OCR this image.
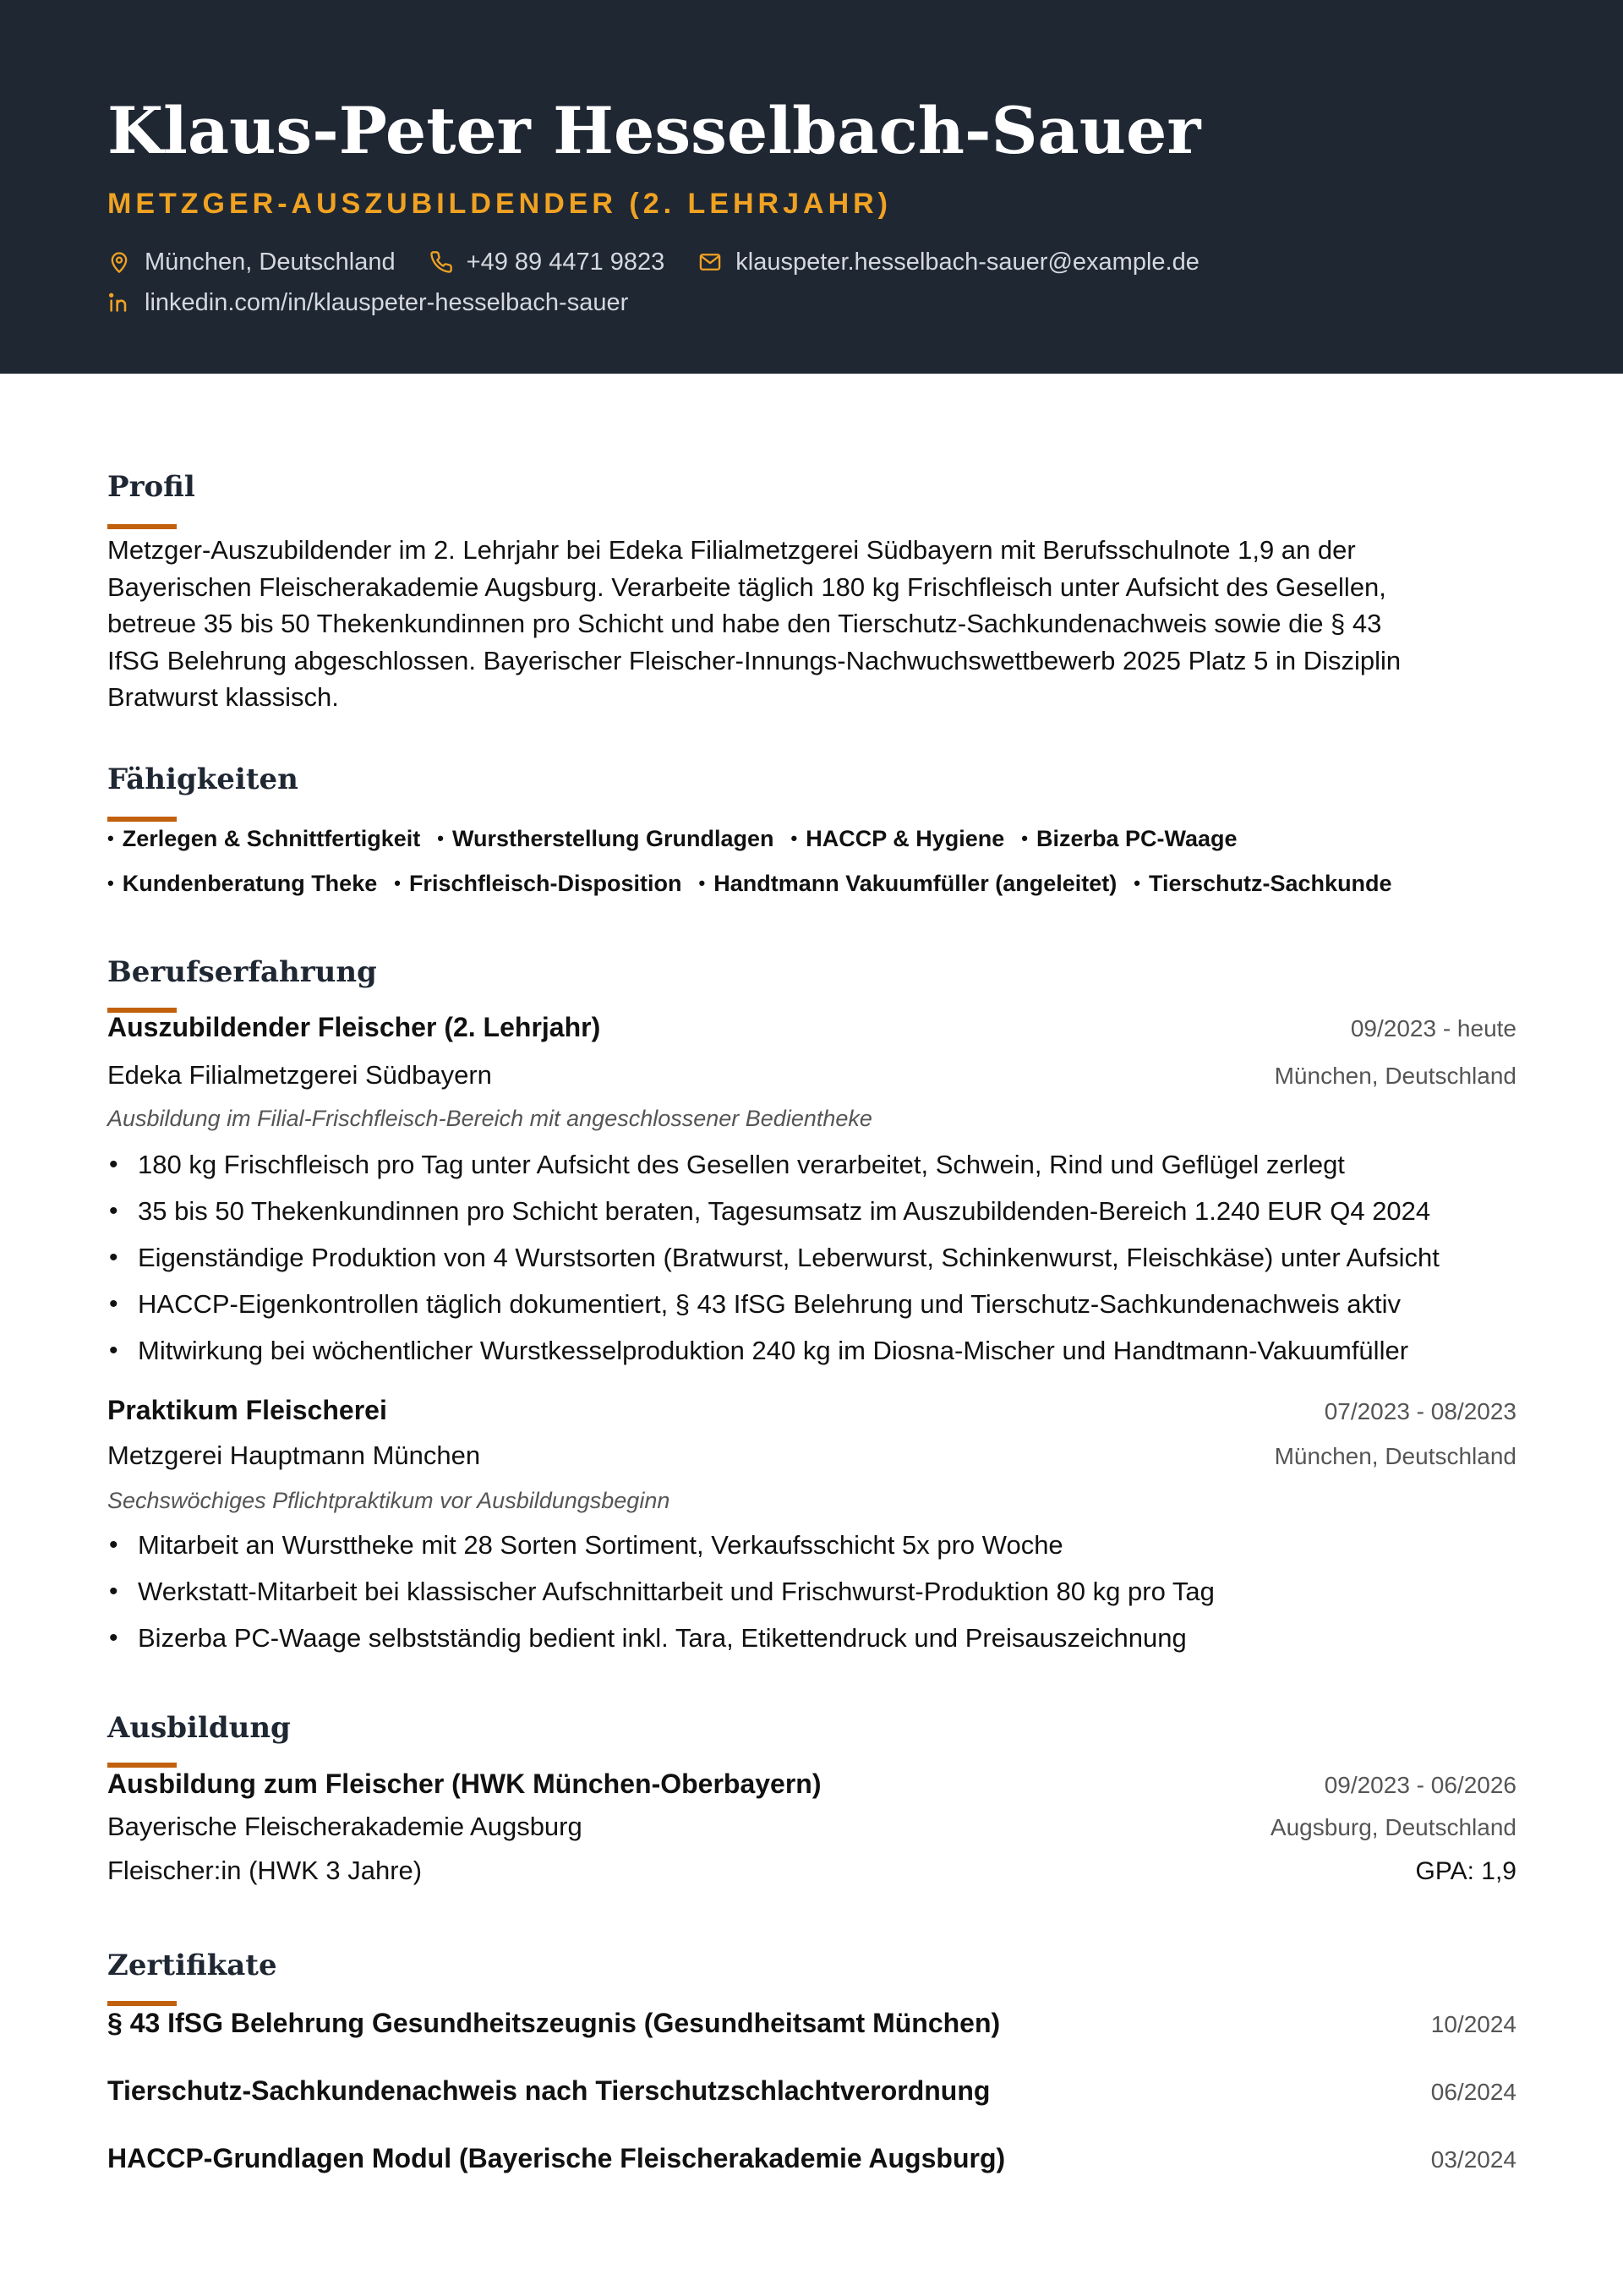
Klaus-Peter Hesselbach-Sauer
METZGER-AUSZUBILDENDER (2. LEHRJAHR)
München, Deutschland	+49 89 4471 9823	klauspeter.hesselbach-sauer@example.de
linkedin.com/in/klauspeter-hesselbach-sauer
Profil
Metzger-Auszubildender im 2. Lehrjahr bei Edeka Filialmetzgerei Südbayern mit Berufsschulnote 1,9 an der
Bayerischen Fleischerakademie Augsburg. Verarbeite täglich 180 kg Frischfleisch unter Aufsicht des Gesellen,
betreue 35 bis 50 Thekenkundinnen pro Schicht und habe den Tierschutz-Sachkundenachweis sowie die § 43
IfSG Belehrung abgeschlossen. Bayerischer Fleischer-Innungs-Nachwuchswettbewerb 2025 Platz 5 in Disziplin
Bratwurst klassisch.
Fähigkeiten
• Zerlegen & Schnittfertigkeit • Wurstherstellung Grundlagen • HACCP & Hygiene • Bizerba PC-Waage
• Kundenberatung Theke • Frischfleisch-Disposition • Handtmann Vakuumfüller (angeleitet) • Tierschutz-Sachkunde
Berufserfahrung
Auszubildender Fleischer (2. Lehrjahr)	09/2023 - heute
Edeka Filialmetzgerei Südbayern	München, Deutschland
Ausbildung im Filial-Frischfleisch-Bereich mit angeschlossener Bedientheke
• 180 kg Frischfleisch pro Tag unter Aufsicht des Gesellen verarbeitet, Schwein, Rind und Geflügel zerlegt
• 35 bis 50 Thekenkundinnen pro Schicht beraten, Tagesumsatz im Auszubildenden-Bereich 1.240 EUR Q4 2024
• Eigenständige Produktion von 4 Wurstsorten (Bratwurst, Leberwurst, Schinkenwurst, Fleischkäse) unter Aufsicht
• HACCP-Eigenkontrollen täglich dokumentiert, § 43 IfSG Belehrung und Tierschutz-Sachkundenachweis aktiv
• Mitwirkung bei wöchentlicher Wurstkesselproduktion 240 kg im Diosna-Mischer und Handtmann-Vakuumfüller
Praktikum Fleischerei	07/2023 - 08/2023
Metzgerei Hauptmann München	München, Deutschland
Sechswöchiges Pflichtpraktikum vor Ausbildungsbeginn
• Mitarbeit an Wursttheke mit 28 Sorten Sortiment, Verkaufsschicht 5x pro Woche
• Werkstatt-Mitarbeit bei klassischer Aufschnittarbeit und Frischwurst-Produktion 80 kg pro Tag
• Bizerba PC-Waage selbstständig bedient inkl. Tara, Etikettendruck und Preisauszeichnung
Ausbildung
Ausbildung zum Fleischer (HWK München-Oberbayern)	09/2023 - 06/2026
Bayerische Fleischerakademie Augsburg	Augsburg, Deutschland
Fleischer:in (HWK 3 Jahre)	GPA: 1,9
Zertifikate
§ 43 IfSG Belehrung Gesundheitszeugnis (Gesundheitsamt München)	10/2024
Tierschutz-Sachkundenachweis nach Tierschutzschlachtverordnung	06/2024
HACCP-Grundlagen Modul (Bayerische Fleischerakademie Augsburg)	03/2024
